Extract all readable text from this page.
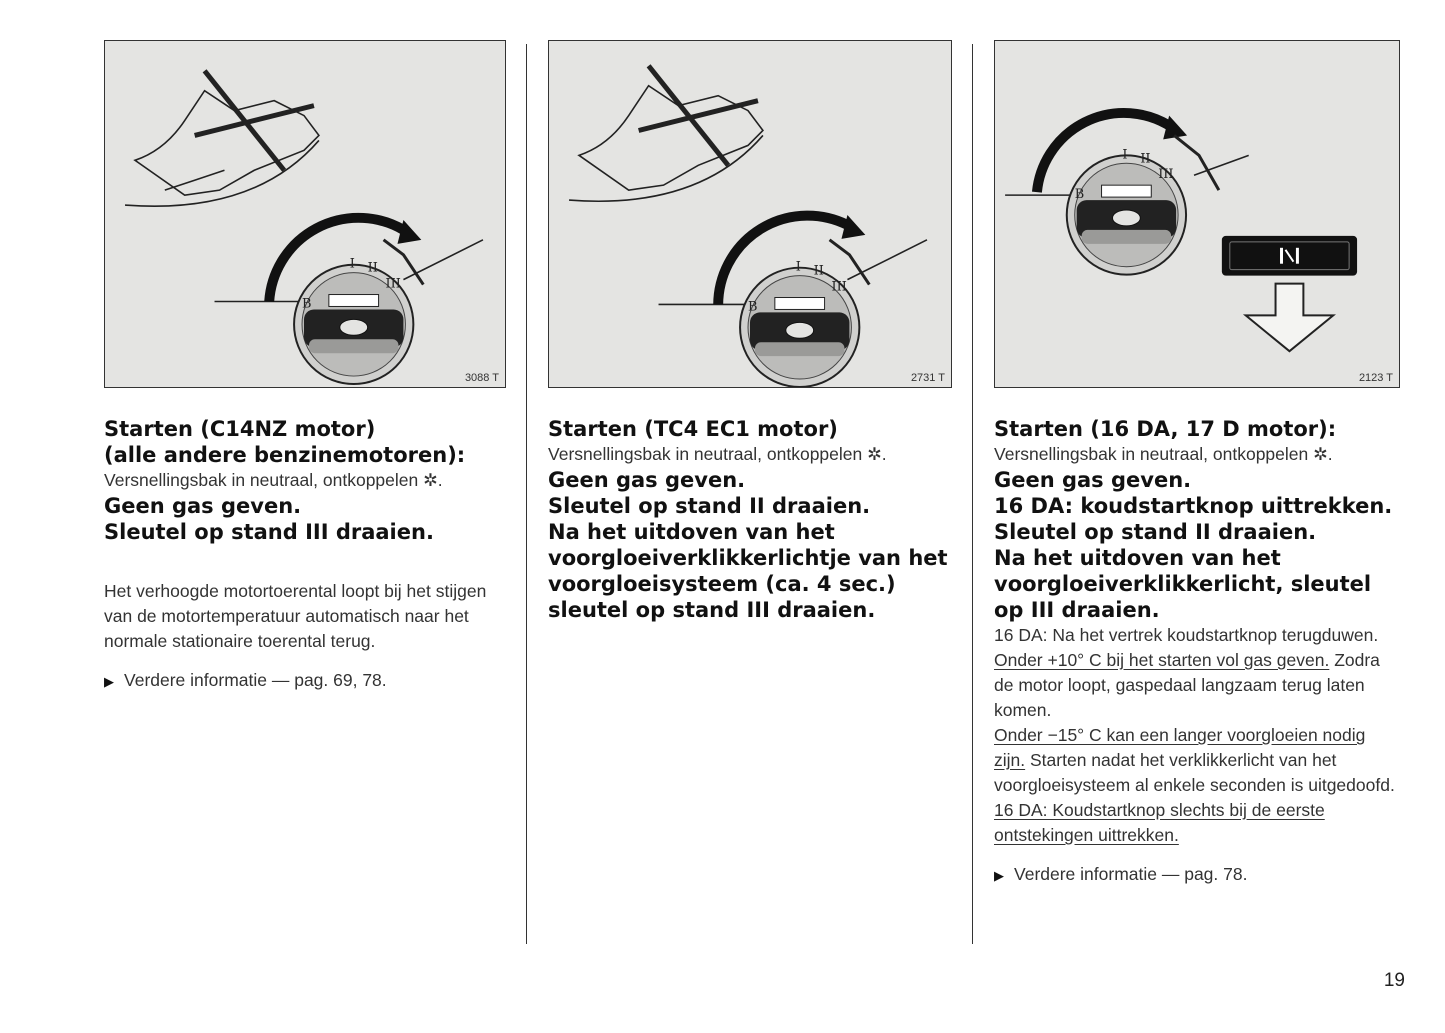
B
I II
III
3088 T
Starten (C14NZ motor)
(alle andere benzinemotoren):

Versnellingsbak in neutraal, ontkoppelen ✲.

Geen gas geven.

Sleutel op stand III draaien.

Het verhoogde motortoerental loopt bij het stijgen van de motortemperatuur automatisch naar het normale stationaire toerental terug.

▶ Verdere informatie — pag. 69, 78.

B
I II
III
2731 T
Starten (TC4 EC1 motor)

Versnellingsbak in neutraal, ontkoppelen ✲.

Geen gas geven.

Sleutel op stand II draaien.

Na het uitdoven van het voorgloeiverklikkerlichtje van het voorgloeisysteem (ca. 4 sec.) sleutel op stand III draaien.

B
I II
III
2123 T
Starten (16 DA, 17 D motor):

Versnellingsbak in neutraal, ontkoppelen ✲.

Geen gas geven.

16 DA: koudstartknop uittrekken.

Sleutel op stand II draaien.

Na het uitdoven van het voorgloeiverklikkerlicht, sleutel op III draaien.

16 DA: Na het vertrek koudstartknop terugduwen.

Onder +10° C bij het starten vol gas geven. Zodra de motor loopt, gaspedaal langzaam terug laten komen.

Onder −15° C kan een langer voorgloeien nodig zijn. Starten nadat het verklikkerlicht van het voorgloeisysteem al enkele seconden is uitgedoofd.

16 DA: Koudstartknop slechts bij de eerste ontstekingen uittrekken.

▶ Verdere informatie — pag. 78.

19
